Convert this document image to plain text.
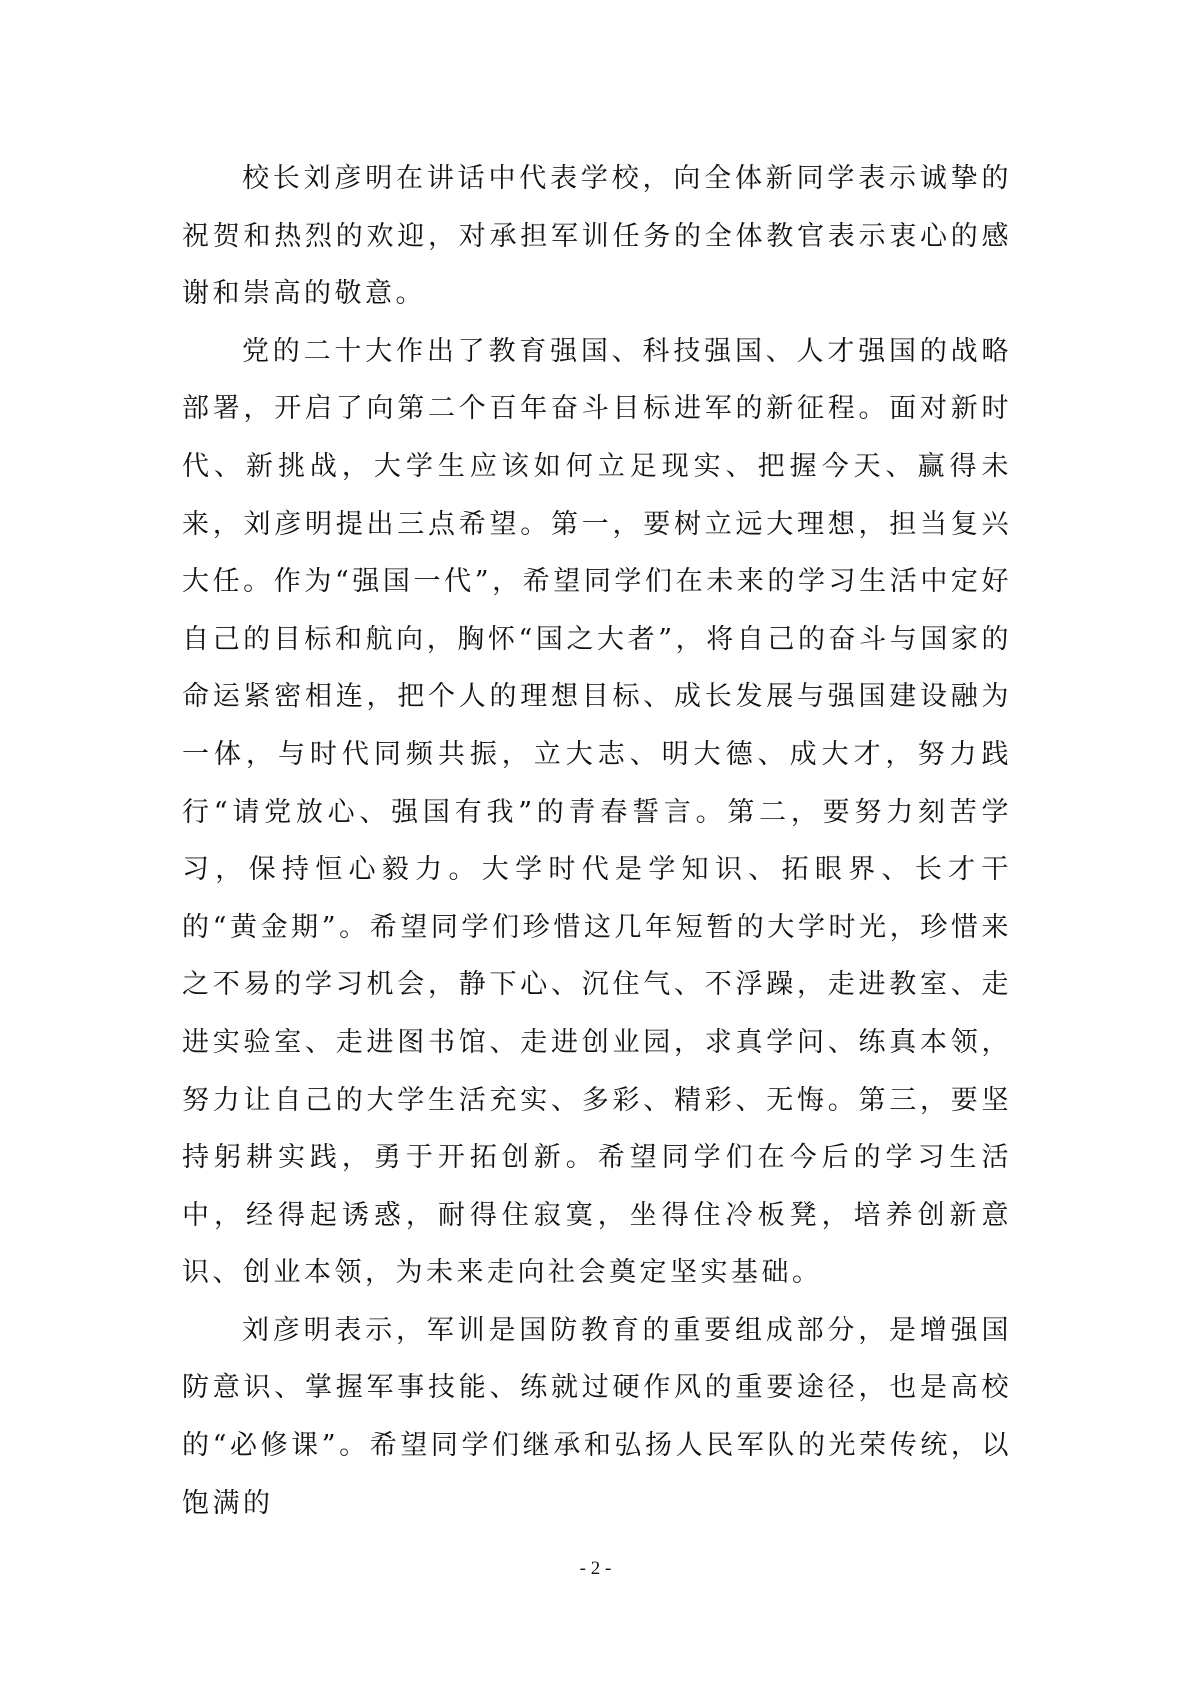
校长刘彦明在讲话中代表学校，向全体新同学表示诚挚的祝贺和热烈的欢迎，对承担军训任务的全体教官表示衷心的感谢和崇高的敬意。

党的二十大作出了教育强国、科技强国、人才强国的战略部署，开启了向第二个百年奋斗目标进军的新征程。面对新时代、新挑战，大学生应该如何立足现实、把握今天、赢得未来，刘彦明提出三点希望。第一，要树立远大理想，担当复兴大任。作为“强国一代”，希望同学们在未来的学习生活中定好自己的目标和航向，胸怀“国之大者”，将自己的奋斗与国家的命运紧密相连，把个人的理想目标、成长发展与强国建设融为一体，与时代同频共振，立大志、明大德、成大才，努力践行“请党放心、强国有我”的青春誓言。第二，要努力刻苦学习，保持恒心毅力。大学时代是学知识、拓眼界、长才干的“黄金期”。希望同学们珍惜这几年短暂的大学时光，珍惜来之不易的学习机会，静下心、沉住气、不浮躁，走进教室、走进实验室、走进图书馆、走进创业园，求真学问、练真本领，努力让自己的大学生活充实、多彩、精彩、无悔。第三，要坚持躬耕实践，勇于开拓创新。希望同学们在今后的学习生活中，经得起诱惑，耐得住寂寞，坐得住冷板凳，培养创新意识、创业本领，为未来走向社会奠定坚实基础。

刘彦明表示，军训是国防教育的重要组成部分，是增强国防意识、掌握军事技能、练就过硬作风的重要途径，也是高校的“必修课”。希望同学们继承和弘扬人民军队的光荣传统，以饱满的

- 2 -
